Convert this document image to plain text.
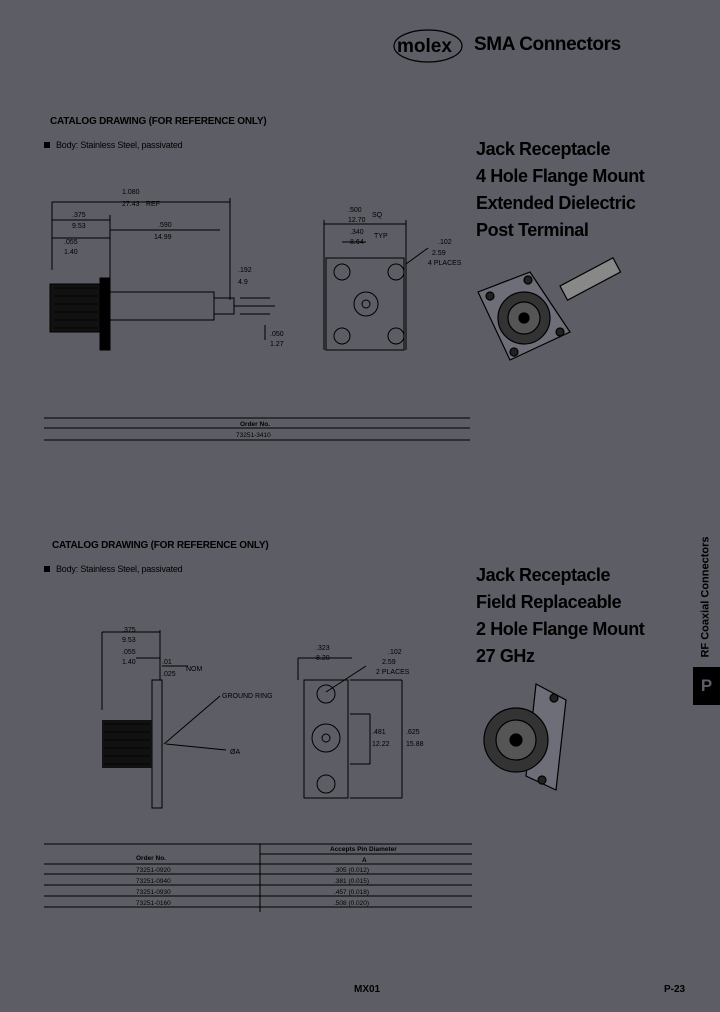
molex SMA Connectors
CATALOG DRAWING (FOR REFERENCE ONLY)
Body: Stainless Steel, passivated	Jack Receptacle
4 Hole Flange Mount
Extended Dielectric
Post Terminal
1.080
27.43 REF
.375
9.53	.590
14.99
.055
1.40
.192
4.9
.050
1.27
.500
12.70
SQ
.340
8.64
TYP
.102
2.59
4 PLACES
Order No.
73251-3410
CATALOG DRAWING (FOR REFERENCE ONLY)
Body: Stainless Steel, passivated	Jack Receptacle
Field Replaceable
2 Hole Flange Mount
27 GHz
.375
9.53
.055
1.40	.01
.025
NOM
GROUND RING
ØA
.323
8.20
.102
2.59
2 PLACES
.481
12.22
.625
15.88
Order No.
Accepts Pin Diameter
A
73251-0920	.305 (0.012)
73251-0940	.381 (0.015)
73251-0930	.457 (0.018)
73251-0160	.508 (0.020)
RF Coaxial Connectors
P
MX01	P-23
